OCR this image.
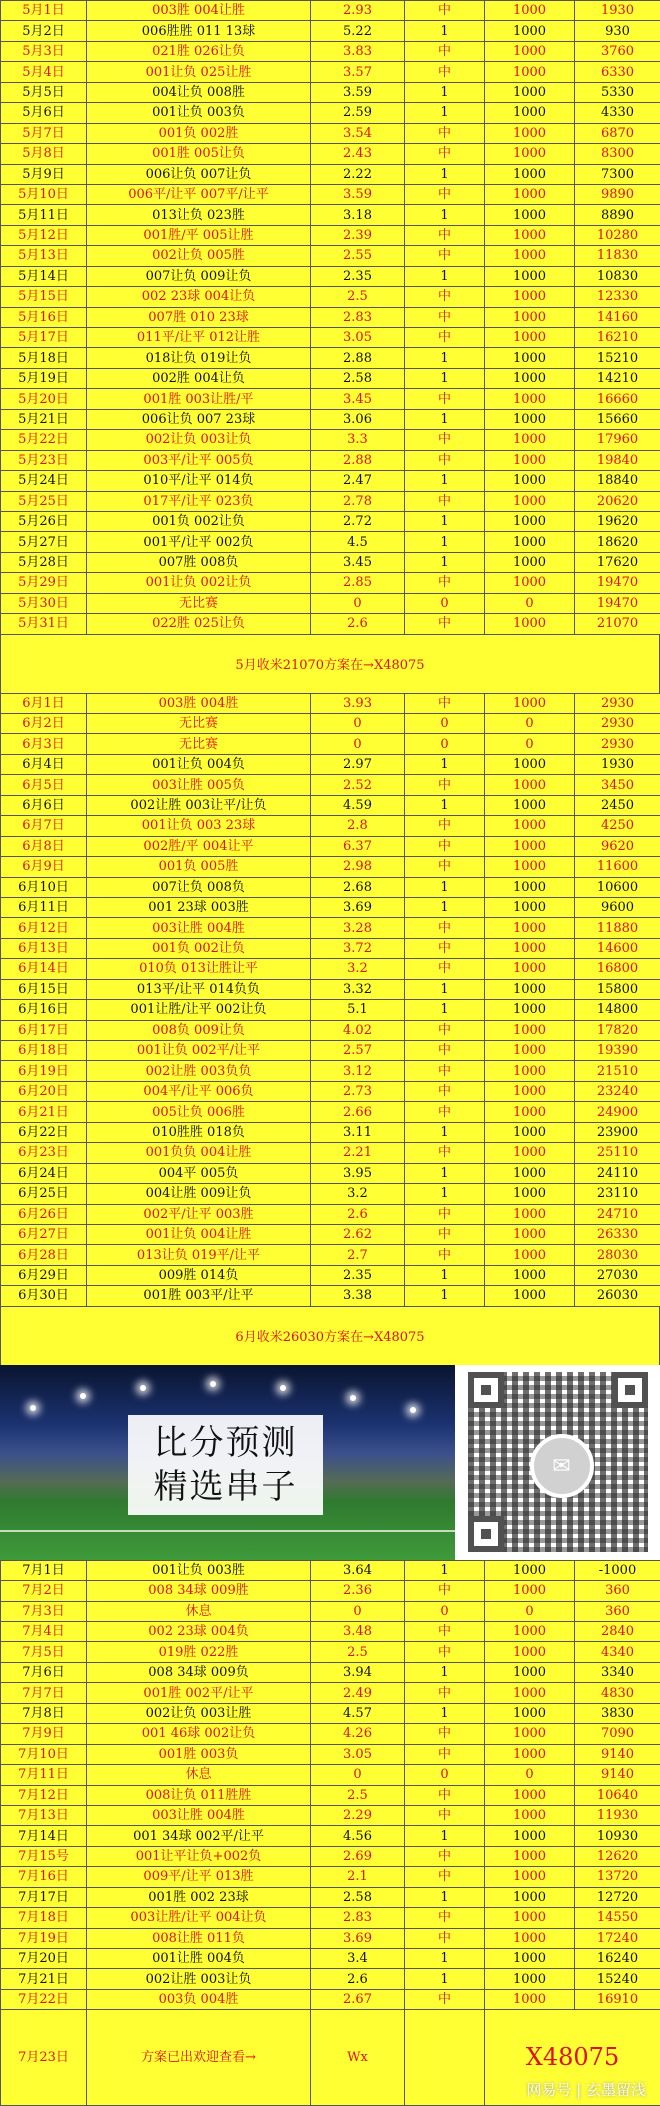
5月1日	003胜 004让胜	2.93	中	1000	1930
5月2日	006胜胜 011 13球	5.22	1	1000	930
5月3日	021胜 026让负	3.83	中	1000	3760
5月4日	001让负 025让胜	3.57	中	1000	6330
5月5日	004让负 008胜	3.59	1	1000	5330
5月6日	001让负 003负	2.59	1	1000	4330
5月7日	001负 002胜	3.54	中	1000	6870
5月8日	001胜 005让负	2.43	中	1000	8300
5月9日	006让负 007让负	2.22	1	1000	7300
5月10日	006平/让平 007平/让平	3.59	中	1000	9890
5月11日	013让负 023胜	3.18	1	1000	8890
5月12日	001胜/平 005让胜	2.39	中	1000	10280
5月13日	002让负 005胜	2.55	中	1000	11830
5月14日	007让负 009让负	2.35	1	1000	10830
5月15日	002 23球 004让负	2.5	中	1000	12330
5月16日	007胜 010 23球	2.83	中	1000	14160
5月17日	011平/让平 012让胜	3.05	中	1000	16210
5月18日	018让负 019让负	2.88	1	1000	15210
5月19日	002胜 004让负	2.58	1	1000	14210
5月20日	001胜 003让胜/平	3.45	中	1000	16660
5月21日	006让负 007 23球	3.06	1	1000	15660
5月22日	002让负 003让负	3.3	中	1000	17960
5月23日	003平/让平 005负	2.88	中	1000	19840
5月24日	010平/让平 014负	2.47	1	1000	18840
5月25日	017平/让平 023负	2.78	中	1000	20620
5月26日	001负 002让负	2.72	1	1000	19620
5月27日	001平/让平 002负	4.5	1	1000	18620
5月28日	007胜 008负	3.45	1	1000	17620
5月29日	001让负 002让负	2.85	中	1000	19470
5月30日	无比赛	0	0	0	19470
5月31日	022胜 025让负	2.6	中	1000	21070
5月收米21070方案在→X48075
6月1日	003胜 004胜	3.93	中	1000	2930
6月2日	无比赛	0	0	0	2930
6月3日	无比赛	0	0	0	2930
6月4日	001让负 004负	2.97	1	1000	1930
6月5日	003让胜 005负	2.52	中	1000	3450
6月6日	002让胜 003让平/让负	4.59	1	1000	2450
6月7日	001让负 003 23球	2.8	中	1000	4250
6月8日	002胜/平 004让平	6.37	中	1000	9620
6月9日	001负 005胜	2.98	中	1000	11600
6月10日	007让负 008负	2.68	1	1000	10600
6月11日	001 23球 003胜	3.69	1	1000	9600
6月12日	003让胜 004胜	3.28	中	1000	11880
6月13日	001负 002让负	3.72	中	1000	14600
6月14日	010负 013让胜让平	3.2	中	1000	16800
6月15日	013平/让平 014负负	3.32	1	1000	15800
6月16日	001让胜/让平 002让负	5.1	1	1000	14800
6月17日	008负 009让负	4.02	中	1000	17820
6月18日	001让负 002平/让平	2.57	中	1000	19390
6月19日	002让胜 003负负	3.12	中	1000	21510
6月20日	004平/让平 006负	2.73	中	1000	23240
6月21日	005让负 006胜	2.66	中	1000	24900
6月22日	010胜胜 018负	3.11	1	1000	23900
6月23日	001负负 004让胜	2.21	中	1000	25110
6月24日	004平 005负	3.95	1	1000	24110
6月25日	004让胜 009让负	3.2	1	1000	23110
6月26日	002平/让平 003胜	2.6	中	1000	24710
6月27日	001让负 004让胜	2.62	中	1000	26330
6月28日	013让负 019平/让平	2.7	中	1000	28030
6月29日	009胜 014负	2.35	1	1000	27030
6月30日	001胜 003平/让平	3.38	1	1000	26030
6月收米26030方案在→X48075
比分预测
精选串子
✉
7月1日	001让负 003胜	3.64	1	1000	-1000
7月2日	008 34球 009胜	2.36	中	1000	360
7月3日	休息	0	0	0	360
7月4日	002 23球 004负	3.48	中	1000	2840
7月5日	019胜 022胜	2.5	中	1000	4340
7月6日	008 34球 009负	3.94	1	1000	3340
7月7日	001胜 002平/让平	2.49	中	1000	4830
7月8日	002让负 003让胜	4.57	1	1000	3830
7月9日	001 46球 002让负	4.26	中	1000	7090
7月10日	001胜 003负	3.05	中	1000	9140
7月11日	休息	0	0	0	9140
7月12日	008让负 011胜胜	2.5	中	1000	10640
7月13日	003让胜 004胜	2.29	中	1000	11930
7月14日	001 34球 002平/让平	4.56	1	1000	10930
7月15号	001让平让负+002负	2.69	中	1000	12620
7月16日	009平/让平 013胜	2.1	中	1000	13720
7月17日	001胜 002 23球	2.58	1	1000	12720
7月18日	003让胜/让平 004让负	2.83	中	1000	14550
7月19日	008让胜 011负	3.69	中	1000	17240
7月20日	001让胜 004负	3.4	1	1000	16240
7月21日	002让胜 003让负	2.6	1	1000	15240
7月22日	003负 004胜	2.67	中	1000	16910
7月23日	方案已出欢迎查看→	Wx		X48075	
网易号 | 玄墨留浅
